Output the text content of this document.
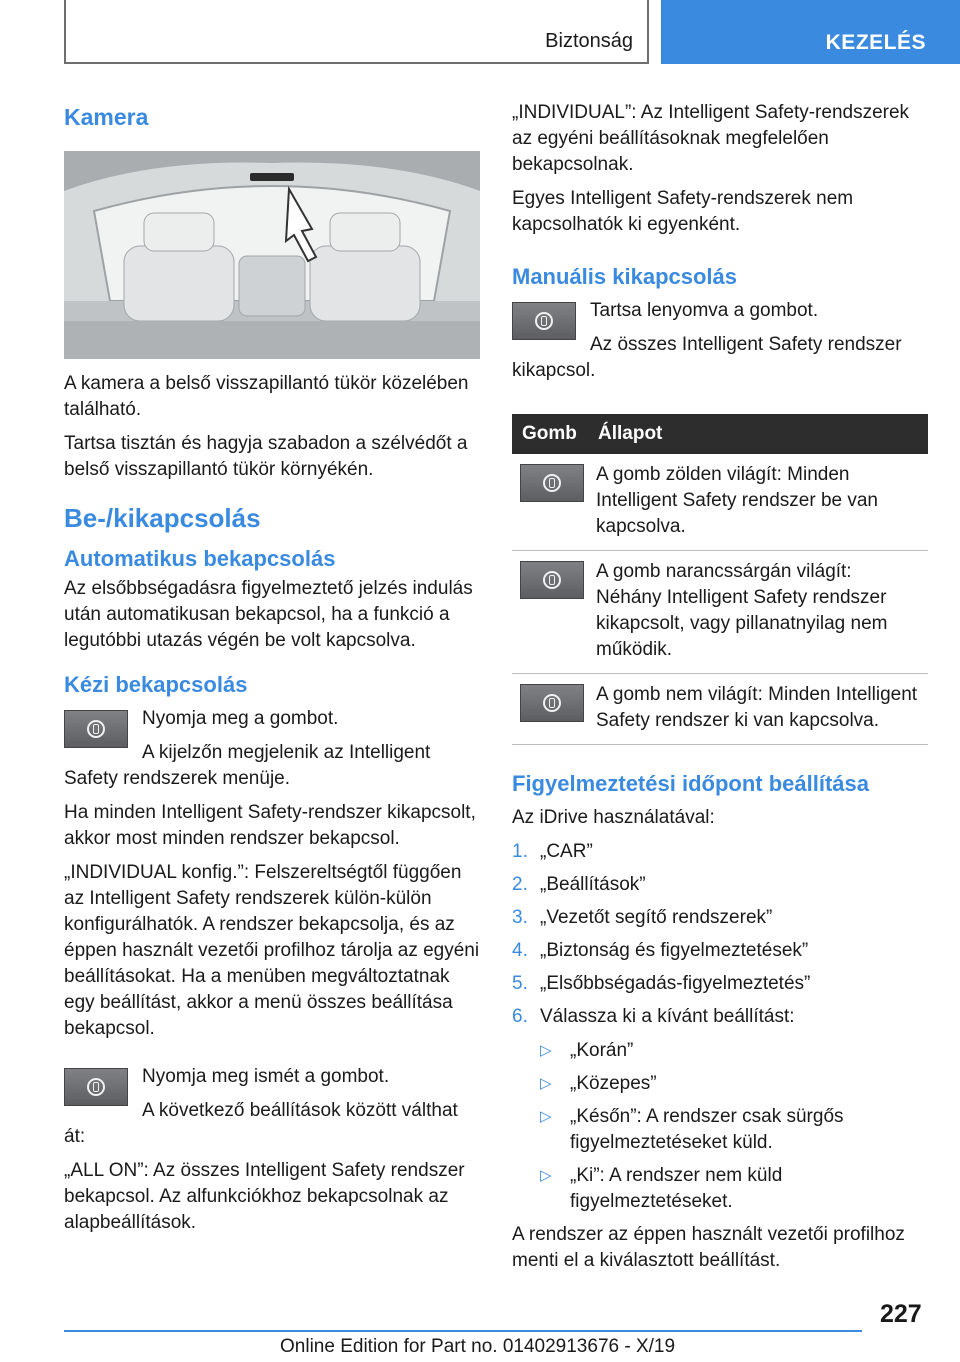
Biztonság	KEZELÉS
Kamera

A kamera a belső visszapillantó tükör közelében található.

Tartsa tisztán és hagyja szabadon a szélvédőt a belső visszapillantó tükör környékén.

Be-/kikapcsolás
Automatikus bekapcsolás

Az elsőbbségadásra figyelmeztető jelzés indulás után automatikusan bekapcsol, ha a funkció a legutóbbi utazás végén be volt kapcsolva.

Kézi bekapcsolás

Nyomja meg a gombot.

A kijelzőn megjelenik az Intelligent Safety rendszerek menüje.

Ha minden Intelligent Safety-rendszer kikapcsolt, akkor most minden rendszer bekapcsol.

„INDIVIDUAL konfig.”: Felszereltségtől függően az Intelligent Safety rendszerek külön-külön konfigurálhatók. A rendszer bekapcsolja, és az éppen használt vezetői profilhoz tárolja az egyéni beállításokat. Ha a menüben megváltoztatnak egy beállítást, akkor a menü összes beállítása bekapcsol.

Nyomja meg ismét a gombot.

A következő beállítások között válthat át:

„ALL ON”: Az összes Intelligent Safety rendszer bekapcsol. Az alfunkciókhoz bekapcsolnak az alapbeállítások.

„INDIVIDUAL”: Az Intelligent Safety-rendszerek az egyéni beállításoknak megfelelően bekapcsolnak.

Egyes Intelligent Safety-rendszerek nem kapcsolhatók ki egyenként.

Manuális kikapcsolás

Tartsa lenyomva a gombot.

Az összes Intelligent Safety rendszer kikapcsol.

Gomb	Állapot

	A gomb zölden világít: Minden Intelligent Safety rendszer be van kapcsolva.

	A gomb narancssárgán világít: Néhány Intelligent Safety rendszer kikapcsolt, vagy pillanatnyilag nem működik.

	A gomb nem világít: Minden Intelligent Safety rendszer ki van kapcsolva.
Figyelmeztetési időpont beállítása

Az iDrive használatával:

1. „CAR”
2. „Beállítások”
3. „Vezetőt segítő rendszerek”
4. „Biztonság és figyelmeztetések”
5. „Elsőbbségadás-figyelmeztetés”
6. Válassza ki a kívánt beállítást:
▷ „Korán”
▷ „Közepes”
▷ „Későn”: A rendszer csak sürgős figyelmeztetéseket küld.
▷ „Ki”: A rendszer nem küld figyelmeztetéseket.

A rendszer az éppen használt vezetői profilhoz menti el a kiválasztott beállítást.

227
Online Edition for Part no. 01402913676 - X/19
